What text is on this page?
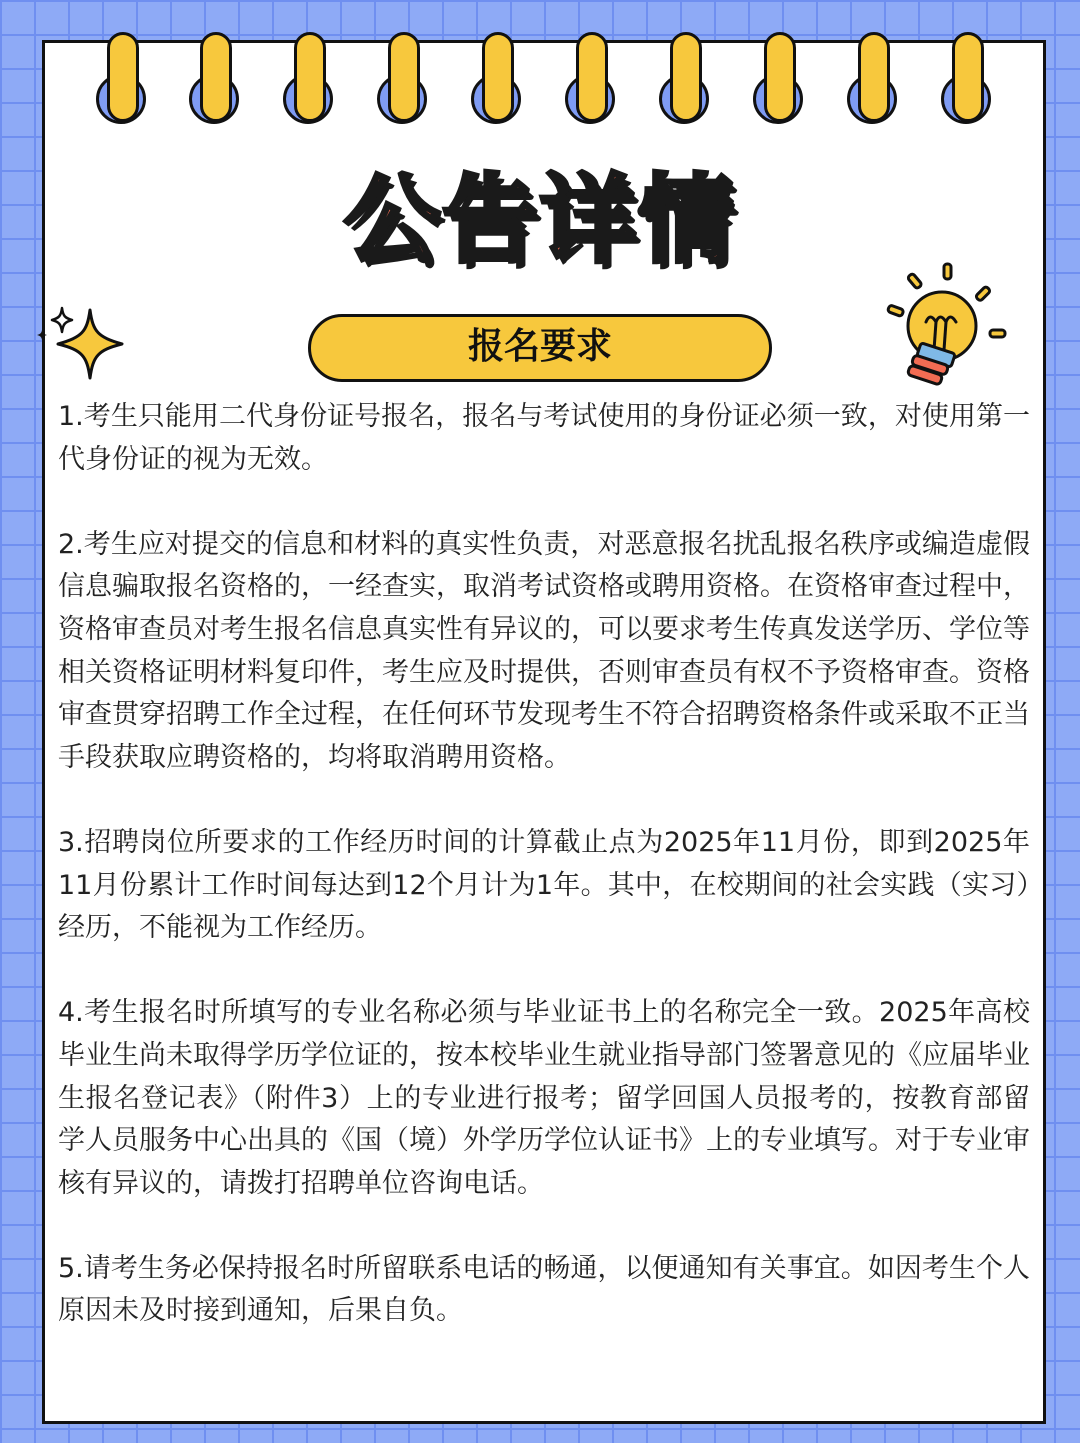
公告详情
报名要求

1.考生只能用二代身份证号报名，报名与考试使用的身份证必须一致，对使用第一代身份证的视为无效。

2.考生应对提交的信息和材料的真实性负责，对恶意报名扰乱报名秩序或编造虚假信息骗取报名资格的，一经查实，取消考试资格或聘用资格。在资格审查过程中，资格审查员对考生报名信息真实性有异议的，可以要求考生传真发送学历、学位等相关资格证明材料复印件，考生应及时提供，否则审查员有权不予资格审查。资格审查贯穿招聘工作全过程，在任何环节发现考生不符合招聘资格条件或采取不正当手段获取应聘资格的，均将取消聘用资格。

3.招聘岗位所要求的工作经历时间的计算截止点为2025年11月份，即到2025年11月份累计工作时间每达到12个月计为1年。其中，在校期间的社会实践（实习）经历，不能视为工作经历。

4.考生报名时所填写的专业名称必须与毕业证书上的名称完全一致。2025年高校毕业生尚未取得学历学位证的，按本校毕业生就业指导部门签署意见的《应届毕业生报名登记表》（附件3）上的专业进行报考；留学回国人员报考的，按教育部留学人员服务中心出具的《国（境）外学历学位认证书》上的专业填写。对于专业审核有异议的，请拨打招聘单位咨询电话。

5.请考生务必保持报名时所留联系电话的畅通，以便通知有关事宜。如因考生个人原因未及时接到通知，后果自负。
